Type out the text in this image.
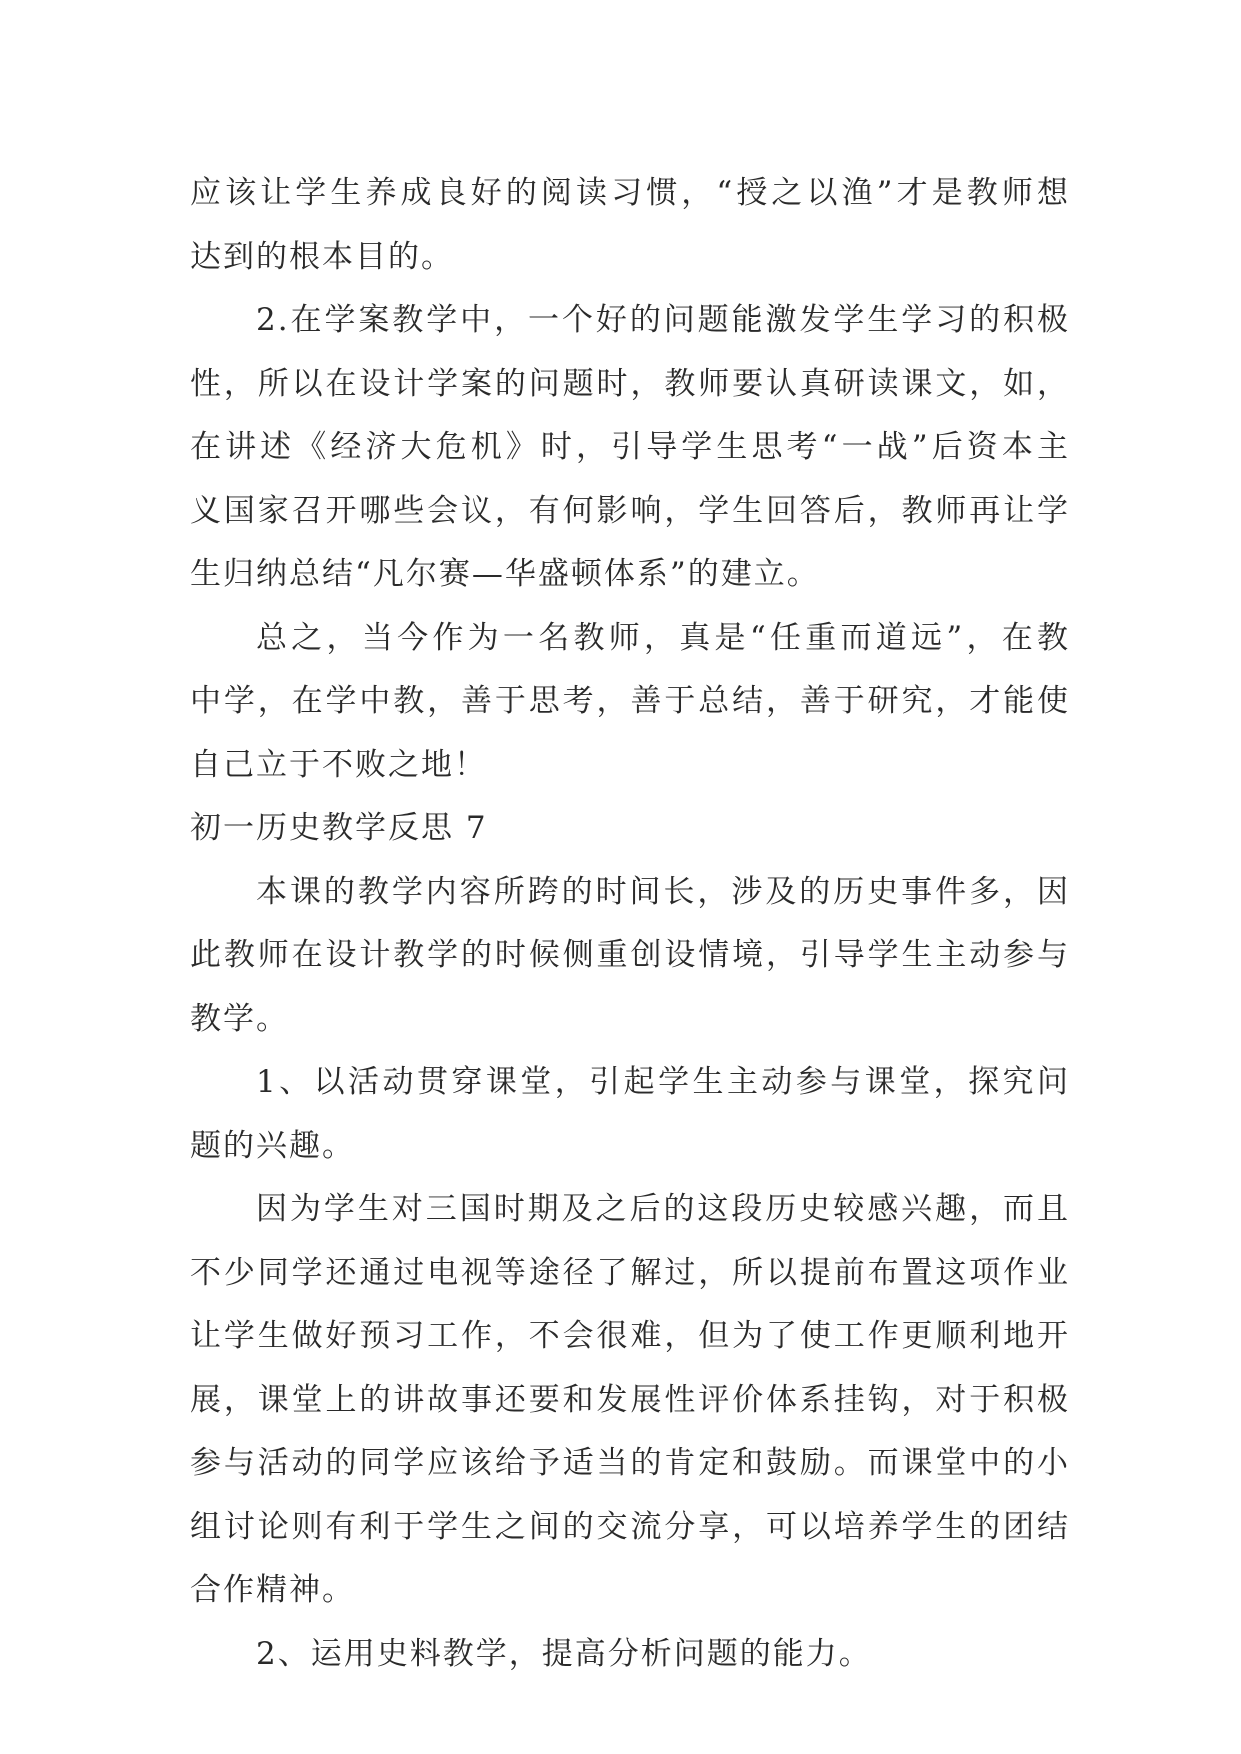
应该让学生养成良好的阅读习惯，“授之以渔”才是教师想
达到的根本目的。
2.在学案教学中，一个好的问题能激发学生学习的积极
性，所以在设计学案的问题时，教师要认真研读课文，如，
在讲述《经济大危机》时，引导学生思考“一战”后资本主
义国家召开哪些会议，有何影响，学生回答后，教师再让学
生归纳总结“凡尔赛—华盛顿体系”的建立。
总之，当今作为一名教师，真是“任重而道远”，在教
中学，在学中教，善于思考，善于总结，善于研究，才能使
自己立于不败之地！
初一历史教学反思 7
本课的教学内容所跨的时间长，涉及的历史事件多，因
此教师在设计教学的时候侧重创设情境，引导学生主动参与
教学。
1、以活动贯穿课堂，引起学生主动参与课堂，探究问
题的兴趣。
因为学生对三国时期及之后的这段历史较感兴趣，而且
不少同学还通过电视等途径了解过，所以提前布置这项作业
让学生做好预习工作，不会很难，但为了使工作更顺利地开
展，课堂上的讲故事还要和发展性评价体系挂钩，对于积极
参与活动的同学应该给予适当的肯定和鼓励。而课堂中的小
组讨论则有利于学生之间的交流分享，可以培养学生的团结
合作精神。
2、运用史料教学，提高分析问题的能力。
